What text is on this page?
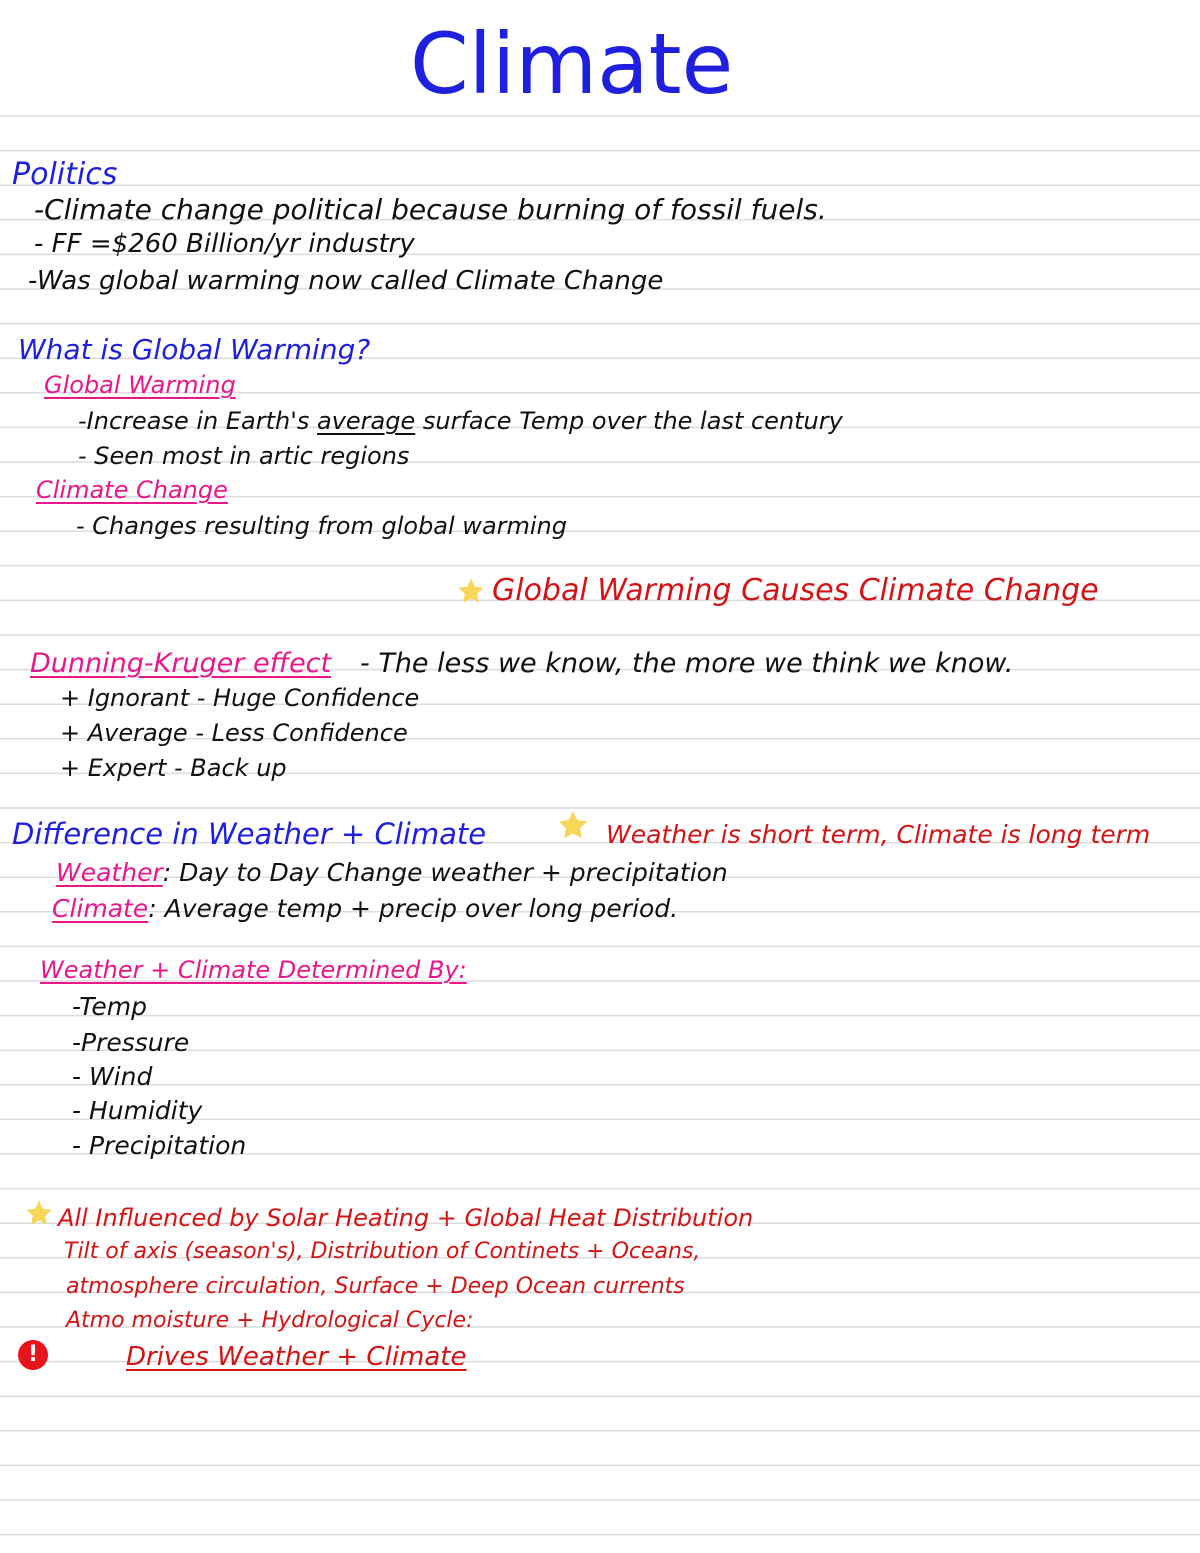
Climate
Politics
-Climate change political because burning of fossil fuels.
- FF =$260 Billion/yr industry
-Was global warming now called Climate Change
What is Global Warming?
Global Warming
-Increase in Earth's average surface Temp over the last century
- Seen most in artic regions
Climate Change
- Changes resulting from global warming
Global Warming Causes Climate Change
Dunning-Kruger effect - The less we know, the more we think we know.
+ Ignorant - Huge Confidence
+ Average - Less Confidence
+ Expert - Back up
Difference in Weather + Climate	Weather is short term, Climate is long term
Weather: Day to Day Change weather + precipitation
Climate: Average temp + precip over long period.
Weather + Climate Determined By:
-Temp
-Pressure
- Wind
- Humidity
- Precipitation
All Influenced by Solar Heating + Global Heat Distribution
Tilt of axis (season's), Distribution of Continets + Oceans,
atmosphere circulation, Surface + Deep Ocean currents
Atmo moisture + Hydrological Cycle:
!	Drives Weather + Climate
